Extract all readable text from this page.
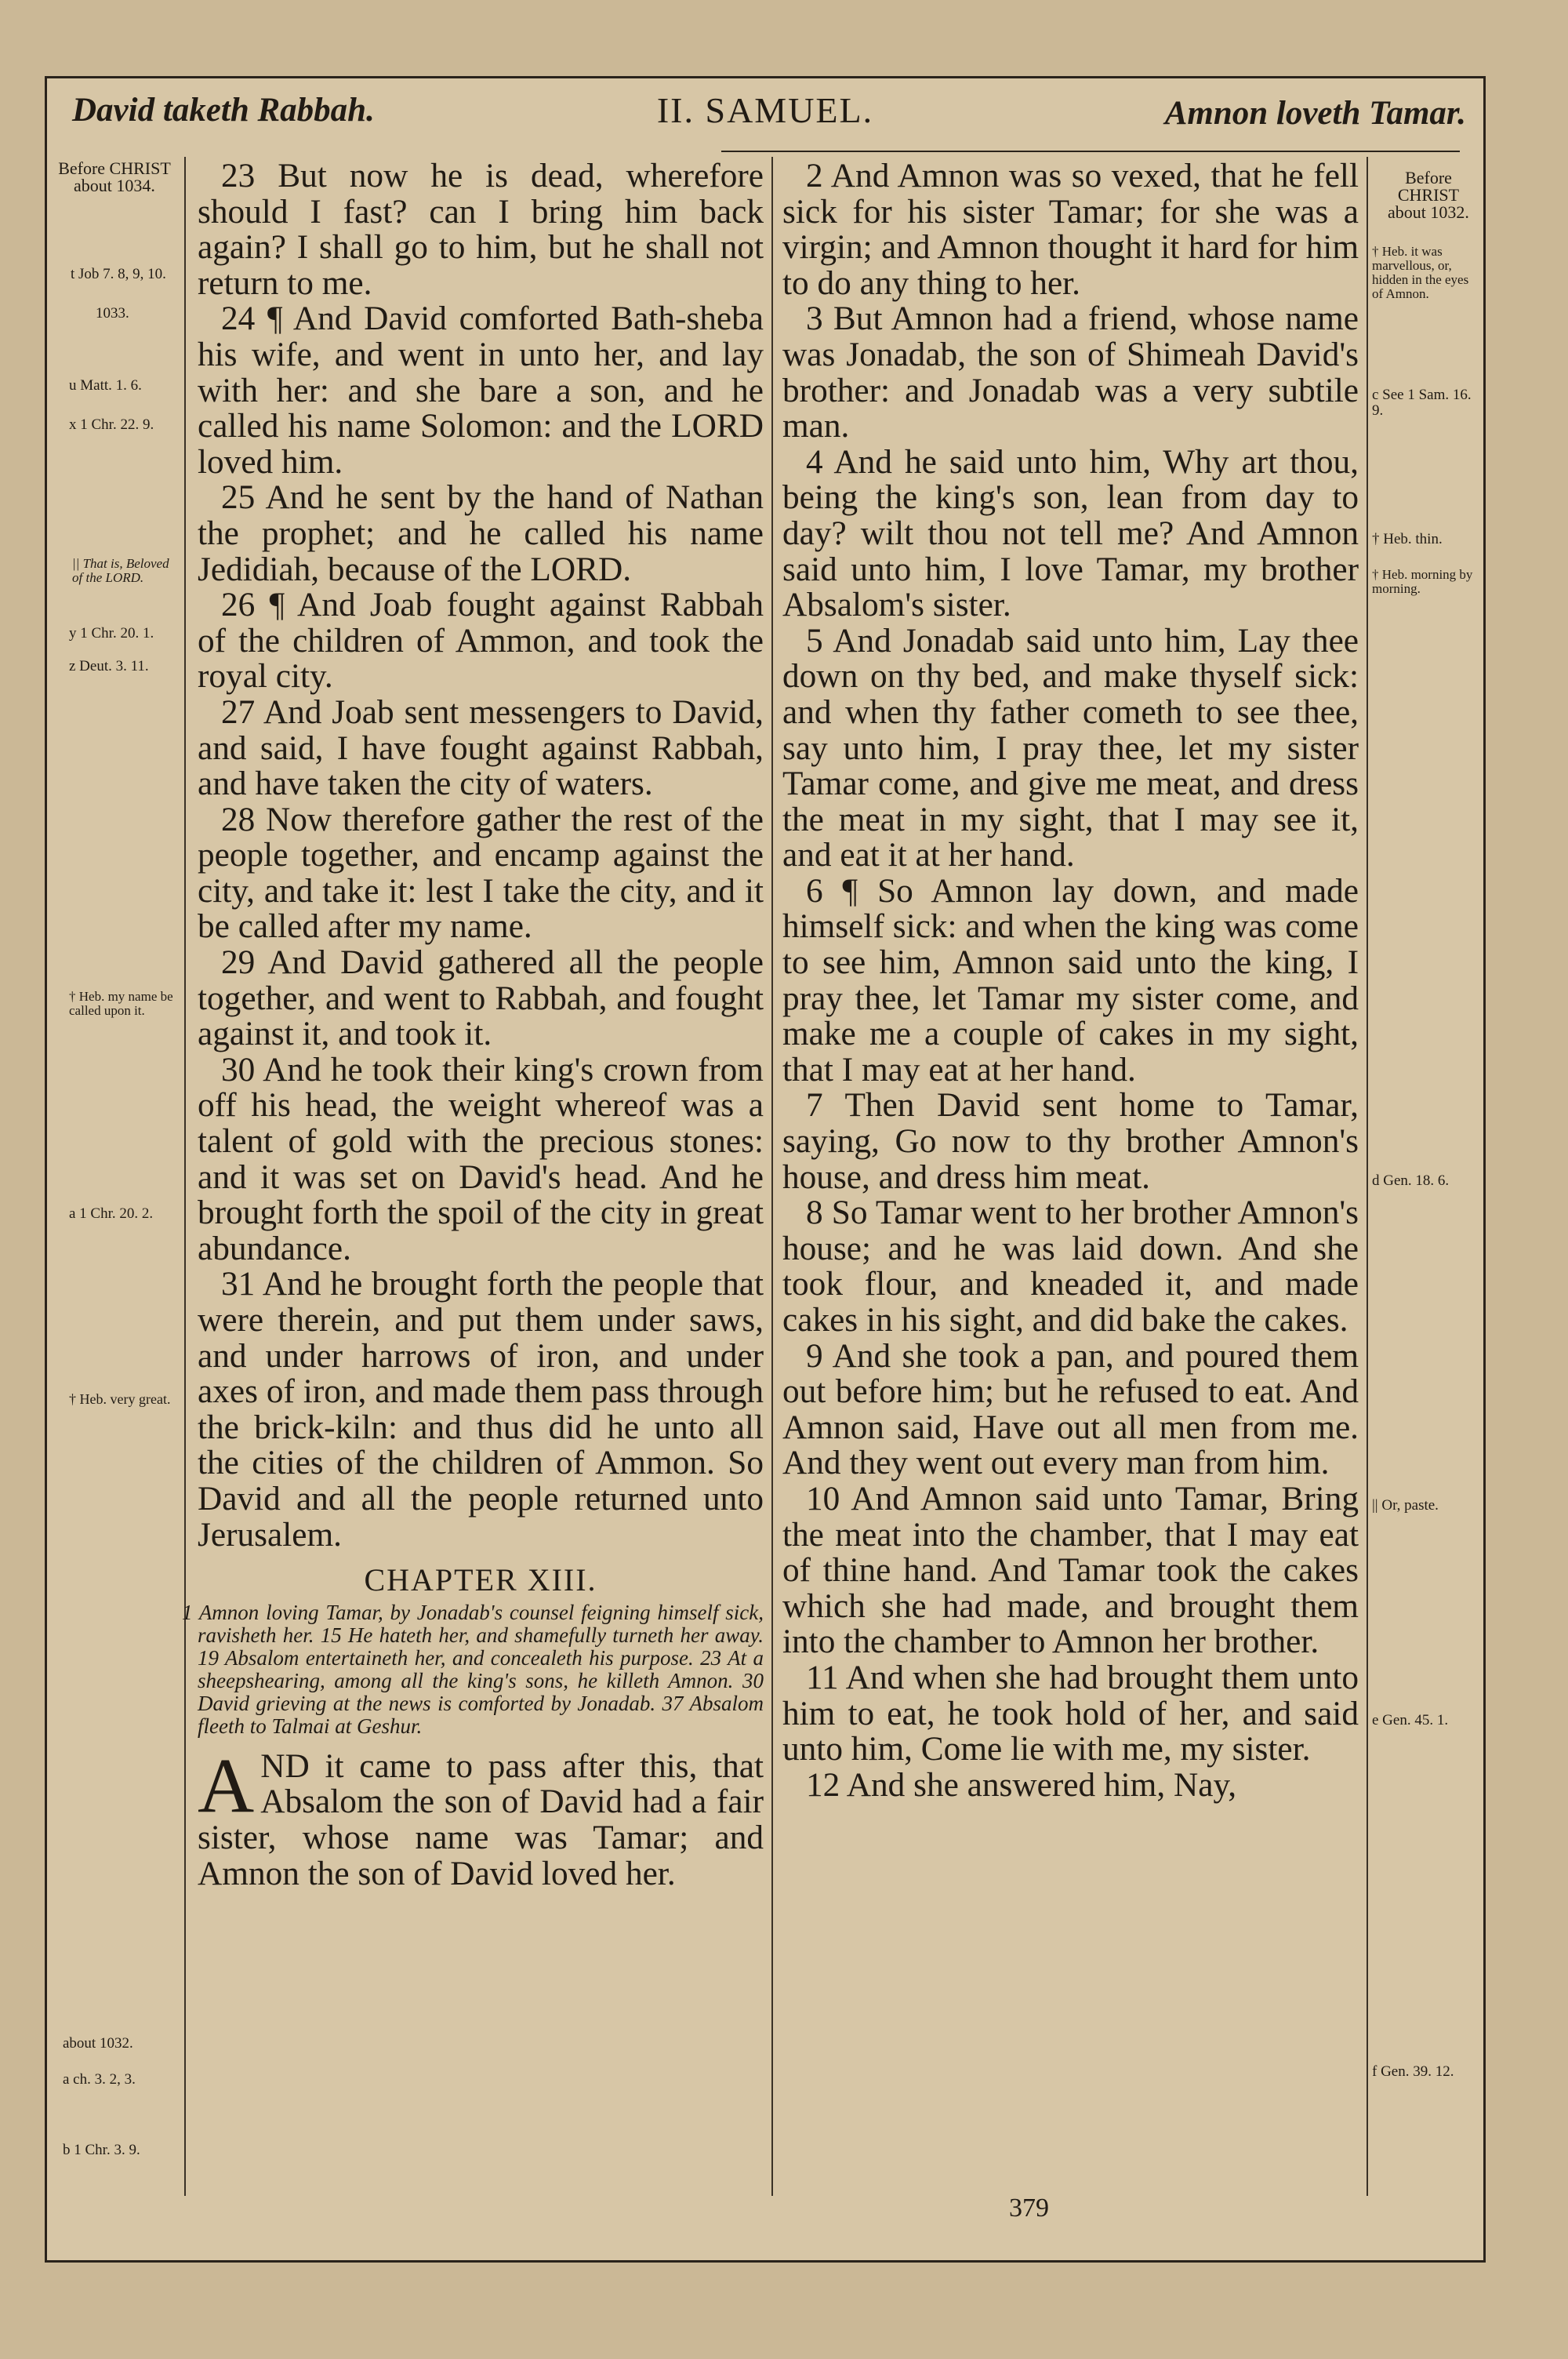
David taketh Rabbah.	II. SAMUEL.	Amnon loveth Tamar.
Before CHRIST
about 1034.
t Job 7. 8, 9, 10.
1033.
u Matt. 1. 6.
x 1 Chr. 22. 9.
|| That is, Beloved of the LORD.
y 1 Chr. 20. 1.
z Deut. 3. 11.
† Heb. my name be called upon it.
a 1 Chr. 20. 2.
† Heb. very great.
about 1032.
a ch. 3. 2, 3.
b 1 Chr. 3. 9.
Before CHRIST
about 1032.
† Heb. it was marvellous, or, hidden in the eyes of Amnon.
c See 1 Sam. 16. 9.
† Heb. thin.
† Heb. morning by morning.
d Gen. 18. 6.
|| Or, paste.
e Gen. 45. 1.
f Gen. 39. 12.

23 But now he is dead, wherefore should I fast? can I bring him back again? I shall go to him, but he shall not return to me.

24 ¶ And David comforted Bath-sheba his wife, and went in unto her, and lay with her: and she bare a son, and he called his name Solomon: and the LORD loved him.

25 And he sent by the hand of Nathan the prophet; and he called his name Jedidiah, because of the LORD.

26 ¶ And Joab fought against Rabbah of the children of Ammon, and took the royal city.

27 And Joab sent messengers to David, and said, I have fought against Rabbah, and have taken the city of waters.

28 Now therefore gather the rest of the people together, and encamp against the city, and take it: lest I take the city, and it be called after my name.

29 And David gathered all the people together, and went to Rabbah, and fought against it, and took it.

30 And he took their king's crown from off his head, the weight whereof was a talent of gold with the precious stones: and it was set on David's head. And he brought forth the spoil of the city in great abundance.

31 And he brought forth the people that were therein, and put them under saws, and under harrows of iron, and under axes of iron, and made them pass through the brick-kiln: and thus did he unto all the cities of the children of Ammon. So David and all the people returned unto Jerusalem.

CHAPTER XIII.

1 Amnon loving Tamar, by Jonadab's counsel feigning himself sick, ravisheth her. 15 He hateth her, and shamefully turneth her away. 19 Absalom entertaineth her, and concealeth his purpose. 23 At a sheepshearing, among all the king's sons, he killeth Amnon. 30 David grieving at the news is comforted by Jonadab. 37 Absalom fleeth to Talmai at Geshur.

A ND it came to pass after this, that Absalom the son of David had a fair sister, whose name was Tamar; and Amnon the son of David loved her.

2 And Amnon was so vexed, that he fell sick for his sister Tamar; for she was a virgin; and Amnon thought it hard for him to do any thing to her.

3 But Amnon had a friend, whose name was Jonadab, the son of Shimeah David's brother: and Jonadab was a very subtile man.

4 And he said unto him, Why art thou, being the king's son, lean from day to day? wilt thou not tell me? And Amnon said unto him, I love Tamar, my brother Absalom's sister.

5 And Jonadab said unto him, Lay thee down on thy bed, and make thyself sick: and when thy father cometh to see thee, say unto him, I pray thee, let my sister Tamar come, and give me meat, and dress the meat in my sight, that I may see it, and eat it at her hand.

6 ¶ So Amnon lay down, and made himself sick: and when the king was come to see him, Amnon said unto the king, I pray thee, let Tamar my sister come, and make me a couple of cakes in my sight, that I may eat at her hand.

7 Then David sent home to Tamar, saying, Go now to thy brother Amnon's house, and dress him meat.

8 So Tamar went to her brother Amnon's house; and he was laid down. And she took flour, and kneaded it, and made cakes in his sight, and did bake the cakes.

9 And she took a pan, and poured them out before him; but he refused to eat. And Amnon said, Have out all men from me. And they went out every man from him.

10 And Amnon said unto Tamar, Bring the meat into the chamber, that I may eat of thine hand. And Tamar took the cakes which she had made, and brought them into the chamber to Amnon her brother.

11 And when she had brought them unto him to eat, he took hold of her, and said unto him, Come lie with me, my sister.

12 And she answered him, Nay,

379
